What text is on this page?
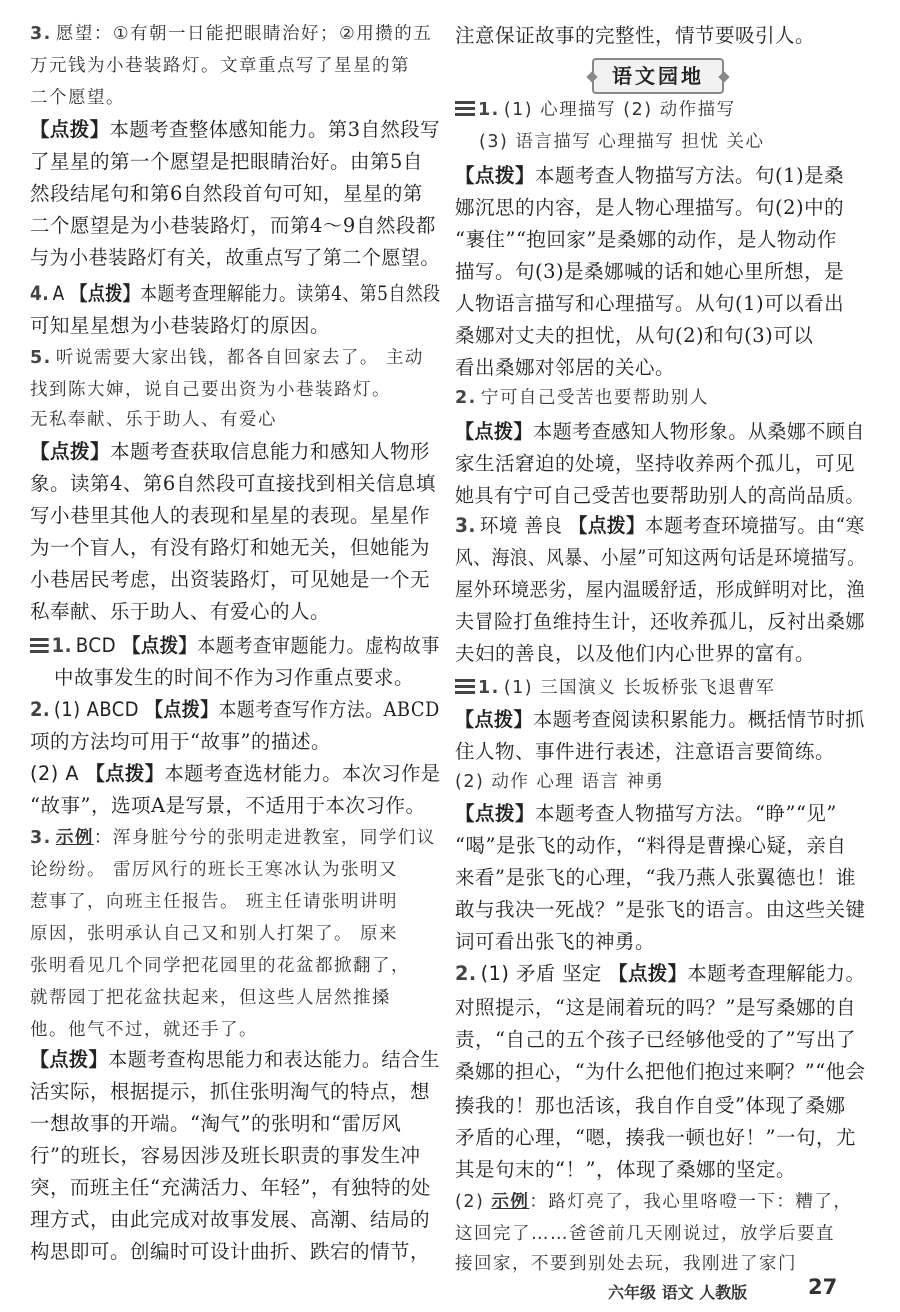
3. 愿望：①有朝一日能把眼睛治好；②用攒的五
万元钱为小巷装路灯。文章重点写了星星的第
二个愿望。
【点拨】本题考查整体感知能力。第3自然段写
了星星的第一个愿望是把眼睛治好。由第5自
然段结尾句和第6自然段首句可知，星星的第
二个愿望是为小巷装路灯，而第4～9自然段都
与为小巷装路灯有关，故重点写了第二个愿望。
4. A 【点拨】本题考查理解能力。读第4、第5自然段
可知星星想为小巷装路灯的原因。
5. 听说需要大家出钱，都各自回家去了。 主动
找到陈大婶，说自己要出资为小巷装路灯。
无私奉献、乐于助人、有爱心
【点拨】本题考查获取信息能力和感知人物形
象。读第4、第6自然段可直接找到相关信息填
写小巷里其他人的表现和星星的表现。星星作
为一个盲人，有没有路灯和她无关，但她能为
小巷居民考虑，出资装路灯，可见她是一个无
私奉献、乐于助人、有爱心的人。
1. BCD 【点拨】本题考查审题能力。虚构故事
中故事发生的时间不作为习作重点要求。
2. (1) ABCD 【点拨】本题考查写作方法。ABCD
项的方法均可用于“故事”的描述。
(2) A 【点拨】本题考查选材能力。本次习作是
“故事”，选项A是写景，不适用于本次习作。
3. 示例：浑身脏兮兮的张明走进教室，同学们议
论纷纷。 雷厉风行的班长王寒冰认为张明又
惹事了，向班主任报告。 班主任请张明讲明
原因，张明承认自己又和别人打架了。 原来
张明看见几个同学把花园里的花盆都掀翻了，
就帮园丁把花盆扶起来，但这些人居然推搡
他。他气不过，就还手了。
【点拨】本题考查构思能力和表达能力。结合生
活实际，根据提示，抓住张明淘气的特点，想
一想故事的开端。“淘气”的张明和“雷厉风
行”的班长，容易因涉及班长职责的事发生冲
突，而班主任“充满活力、年轻”，有独特的处
理方式，由此完成对故事发展、高潮、结局的
构思即可。创编时可设计曲折、跌宕的情节，
语文园地
注意保证故事的完整性，情节要吸引人。
1. (1) 心理描写 (2) 动作描写
(3) 语言描写 心理描写 担忧 关心
【点拨】本题考查人物描写方法。句(1)是桑
娜沉思的内容，是人物心理描写。句(2)中的
“裹住”“抱回家”是桑娜的动作，是人物动作
描写。句(3)是桑娜喊的话和她心里所想，是
人物语言描写和心理描写。从句(1)可以看出
桑娜对丈夫的担忧，从句(2)和句(3)可以
看出桑娜对邻居的关心。
2. 宁可自己受苦也要帮助别人
【点拨】本题考查感知人物形象。从桑娜不顾自
家生活窘迫的处境，坚持收养两个孤儿，可见
她具有宁可自己受苦也要帮助别人的高尚品质。
3. 环境 善良 【点拨】本题考查环境描写。由“寒
风、海浪、风暴、小屋”可知这两句话是环境描写。
屋外环境恶劣，屋内温暖舒适，形成鲜明对比，渔
夫冒险打鱼维持生计，还收养孤儿，反衬出桑娜
夫妇的善良，以及他们内心世界的富有。
1. (1) 三国演义 长坂桥张飞退曹军
【点拨】本题考查阅读积累能力。概括情节时抓
住人物、事件进行表述，注意语言要简练。
(2) 动作 心理 语言 神勇
【点拨】本题考查人物描写方法。“睁”“见”
“喝”是张飞的动作，“料得是曹操心疑，亲自
来看”是张飞的心理，“我乃燕人张翼德也！谁
敢与我决一死战？”是张飞的语言。由这些关键
词可看出张飞的神勇。
2. (1) 矛盾 坚定 【点拨】本题考查理解能力。
对照提示，“这是闹着玩的吗？”是写桑娜的自
责，“自己的五个孩子已经够他受的了”写出了
桑娜的担心，“为什么把他们抱过来啊？”“他会
揍我的！那也活该，我自作自受”体现了桑娜
矛盾的心理，“嗯，揍我一顿也好！”一句，尤
其是句末的“！”，体现了桑娜的坚定。
(2) 示例：路灯亮了，我心里咯噔一下：糟了，
这回完了……爸爸前几天刚说过，放学后要直
接回家，不要到别处去玩，我刚进了家门
六年级 语文 人教版	27
